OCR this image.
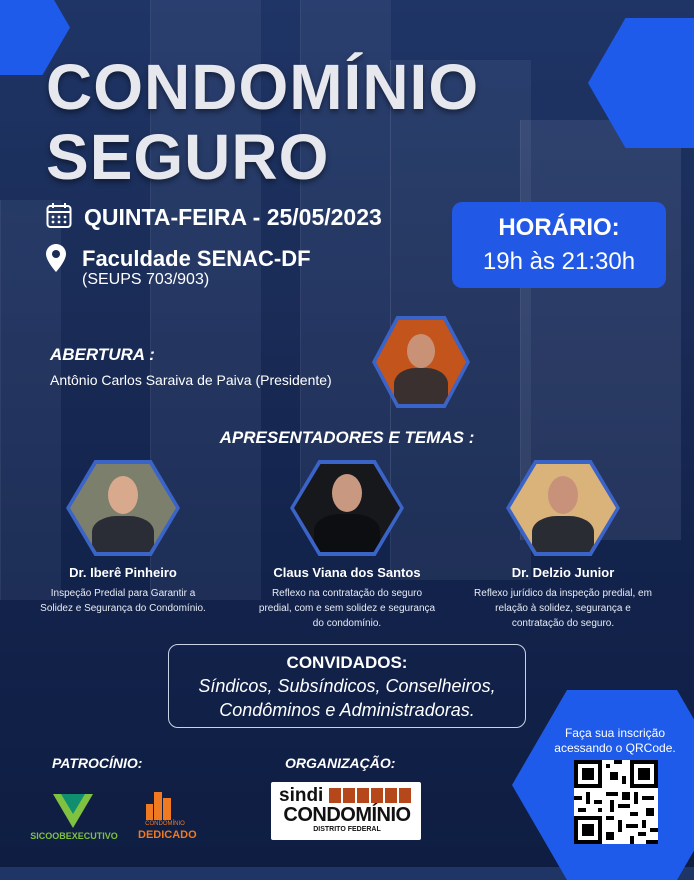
CONDOMÍNIO
SEGURO
QUINTA-FEIRA - 25/05/2023
Faculdade SENAC-DF
(SEUPS 703/903)
HORÁRIO:
19h às 21:30h
ABERTURA :
Antônio Carlos Saraiva de Paiva (Presidente)
APRESENTADORES E TEMAS :
Dr. Iberê Pinheiro
Inspeção Predial para Garantir a Solidez e Segurança do Condomínio.
Claus Viana dos Santos
Reflexo na contratação do seguro predial, com e sem solidez e segurança do condomínio.
Dr. Delzio Junior
Reflexo jurídico da inspeção predial, em relação à solidez, segurança e contratação do seguro.
CONVIDADOS:
Síndicos, Subsíndicos, Conselheiros,
Condôminos e Administradoras.
PATROCÍNIO:
SICOOBEXECUTIVO
CONDOMÍNIO
DEDICADO
ORGANIZAÇÃO:
sindi
CONDOMÍNIO
DISTRITO FEDERAL
Faça sua inscrição acessando o QRCode.
